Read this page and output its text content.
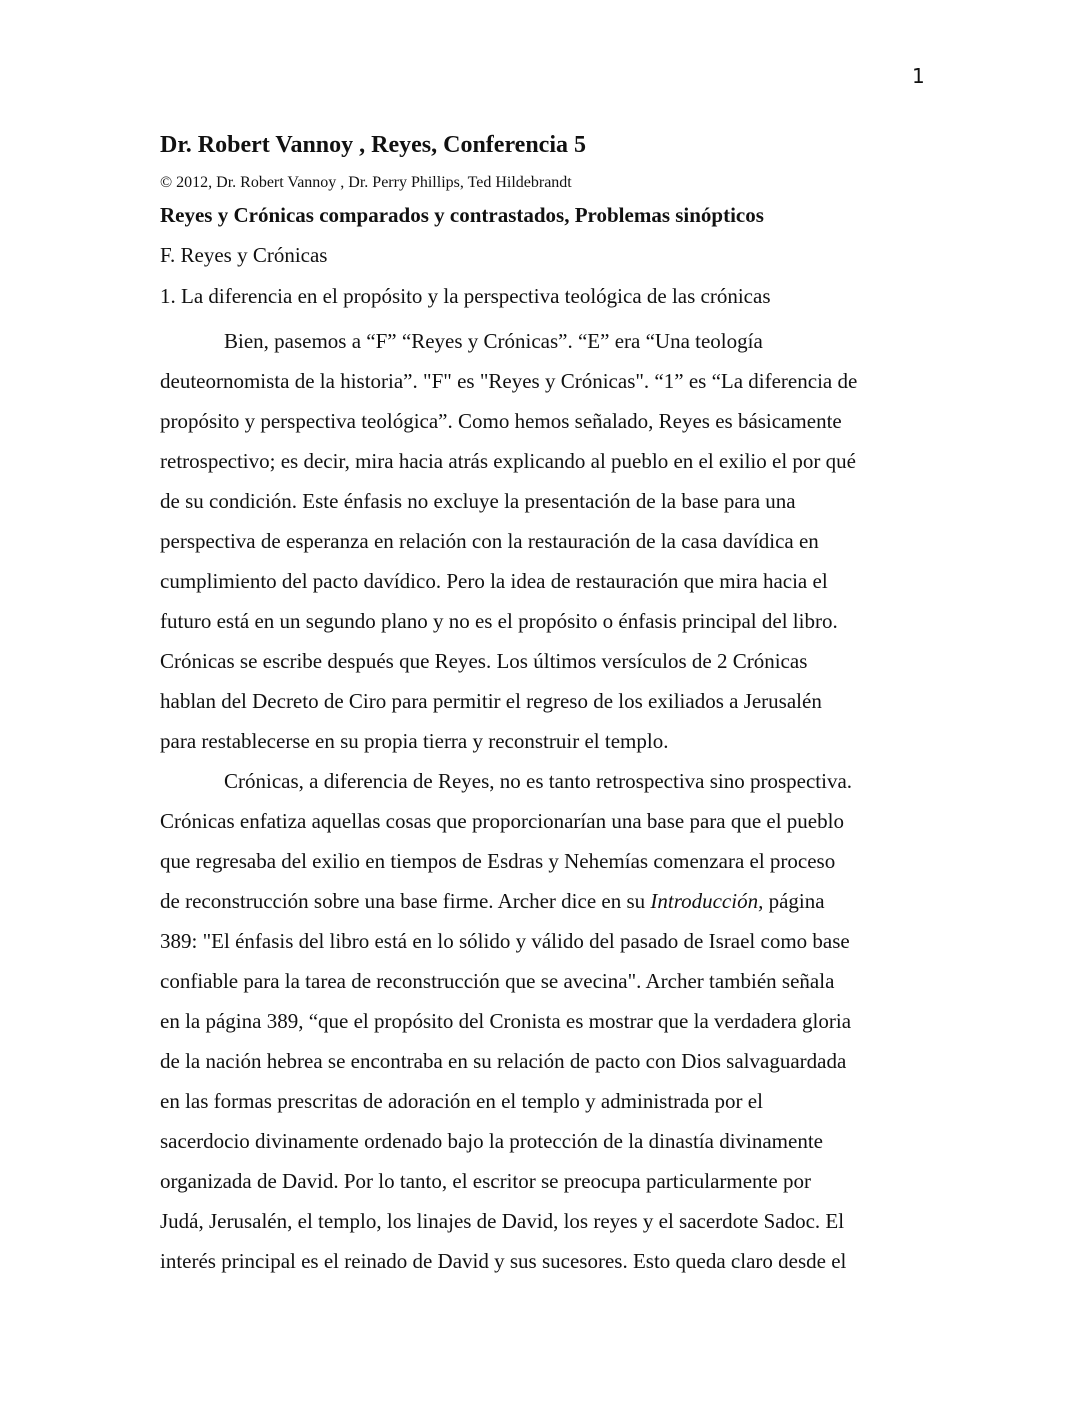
1
Dr. Robert Vannoy , Reyes, Conferencia 5
© 2012, Dr. Robert Vannoy , Dr. Perry Phillips, Ted Hildebrandt
Reyes y Crónicas comparados y contrastados, Problemas sinópticos
F. Reyes y Crónicas
1. La diferencia en el propósito y la perspectiva teológica de las crónicas

Bien, pasemos a “F” “Reyes y Crónicas”. “E” era “Una teología
deuteornomista de la historia”. "F" es "Reyes y Crónicas". “1” es “La diferencia de
propósito y perspectiva teológica”. Como hemos señalado, Reyes es básicamente
retrospectivo; es decir, mira hacia atrás explicando al pueblo en el exilio el por qué
de su condición. Este énfasis no excluye la presentación de la base para una
perspectiva de esperanza en relación con la restauración de la casa davídica en
cumplimiento del pacto davídico. Pero la idea de restauración que mira hacia el
futuro está en un segundo plano y no es el propósito o énfasis principal del libro.
Crónicas se escribe después que Reyes. Los últimos versículos de 2 Crónicas
hablan del Decreto de Ciro para permitir el regreso de los exiliados a Jerusalén
para restablecerse en su propia tierra y reconstruir el templo.

Crónicas, a diferencia de Reyes, no es tanto retrospectiva sino prospectiva.
Crónicas enfatiza aquellas cosas que proporcionarían una base para que el pueblo
que regresaba del exilio en tiempos de Esdras y Nehemías comenzara el proceso
de reconstrucción sobre una base firme. Archer dice en su Introducción, página
389: "El énfasis del libro está en lo sólido y válido del pasado de Israel como base
confiable para la tarea de reconstrucción que se avecina". Archer también señala
en la página 389, “que el propósito del Cronista es mostrar que la verdadera gloria
de la nación hebrea se encontraba en su relación de pacto con Dios salvaguardada
en las formas prescritas de adoración en el templo y administrada por el
sacerdocio divinamente ordenado bajo la protección de la dinastía divinamente
organizada de David. Por lo tanto, el escritor se preocupa particularmente por
Judá, Jerusalén, el templo, los linajes de David, los reyes y el sacerdote Sadoc. El
interés principal es el reinado de David y sus sucesores. Esto queda claro desde el
